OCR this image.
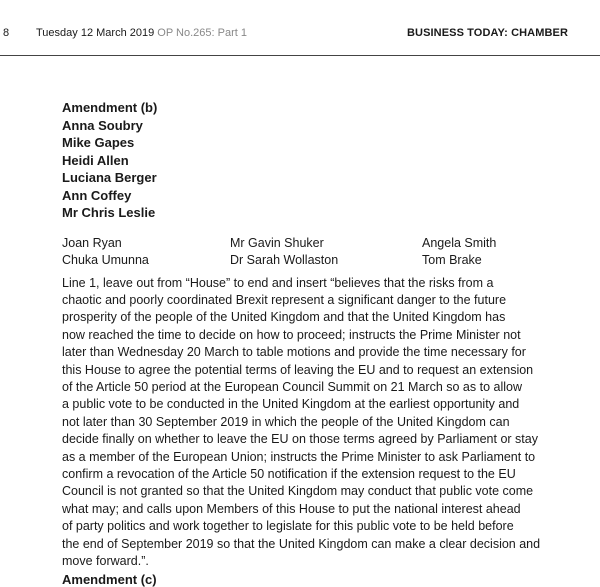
8 Tuesday 12 March 2019 OP No.265: Part 1	BUSINESS TODAY: CHAMBER
Amendment (b)
Anna Soubry
Mike Gapes
Heidi Allen
Luciana Berger
Ann Coffey
Mr Chris Leslie
Joan Ryan	Mr Gavin Shuker	Angela Smith
Chuka Umunna	Dr Sarah Wollaston	Tom Brake
Line 1, leave out from “House” to end and insert “believes that the risks from a
chaotic and poorly coordinated Brexit represent a significant danger to the future
prosperity of the people of the United Kingdom and that the United Kingdom has
now reached the time to decide on how to proceed; instructs the Prime Minister not
later than Wednesday 20 March to table motions and provide the time necessary for
this House to agree the potential terms of leaving the EU and to request an extension
of the Article 50 period at the European Council Summit on 21 March so as to allow
a public vote to be conducted in the United Kingdom at the earliest opportunity and
not later than 30 September 2019 in which the people of the United Kingdom can
decide finally on whether to leave the EU on those terms agreed by Parliament or stay
as a member of the European Union; instructs the Prime Minister to ask Parliament to
confirm a revocation of the Article 50 notification if the extension request to the EU
Council is not granted so that the United Kingdom may conduct that public vote come
what may; and calls upon Members of this House to put the national interest ahead
of party politics and work together to legislate for this public vote to be held before
the end of September 2019 so that the United Kingdom can make a clear decision and
move forward.”.
Amendment (c)
